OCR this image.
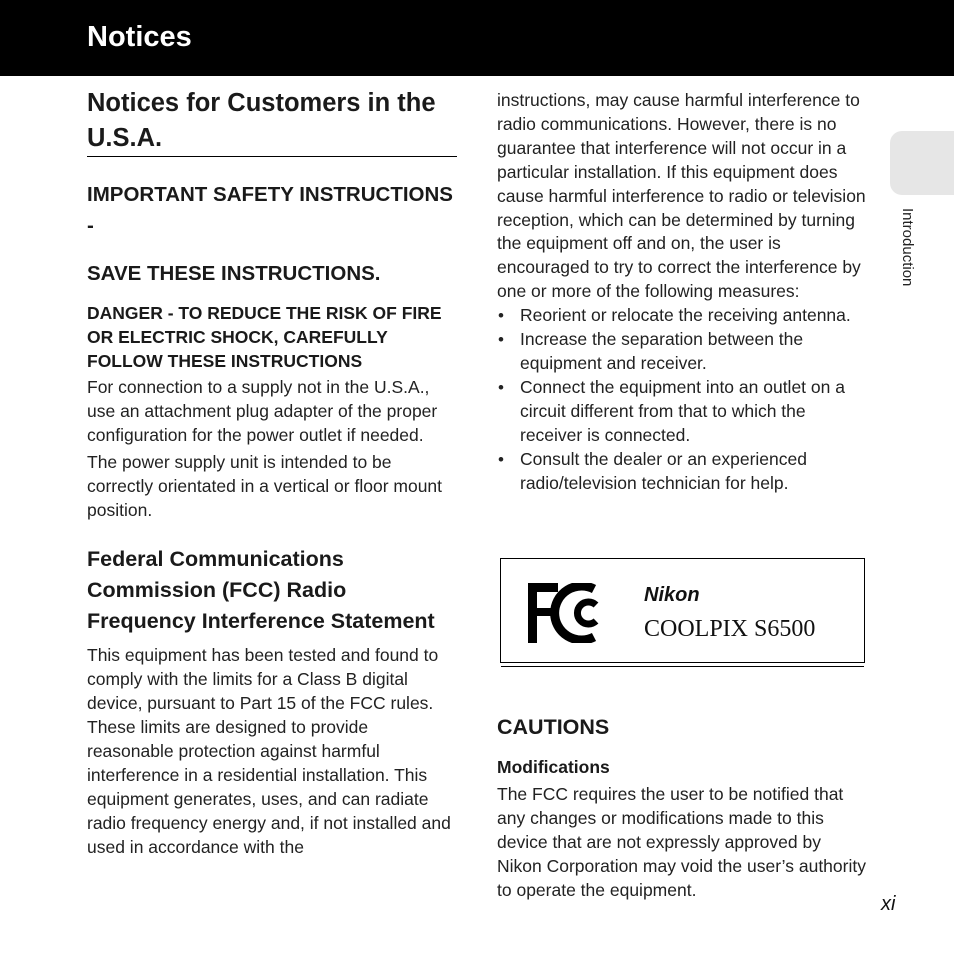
Notices
Introduction
Notices for Customers in the U.S.A.
IMPORTANT SAFETY INSTRUCTIONS -
SAVE THESE INSTRUCTIONS.
DANGER - TO REDUCE THE RISK OF FIRE OR ELECTRIC SHOCK, CAREFULLY FOLLOW THESE INSTRUCTIONS

For connection to a supply not in the U.S.A., use an attachment plug adapter of the proper configuration for the power outlet if needed.

The power supply unit is intended to be correctly orientated in a vertical or floor mount position.

Federal Communications Commission (FCC) Radio Frequency Interference Statement

This equipment has been tested and found to comply with the limits for a Class B digital device, pursuant to Part 15 of the FCC rules. These limits are designed to provide reasonable protection against harmful interference in a residential installation. This equipment generates, uses, and can radiate radio frequency energy and, if not installed and used in accordance with the

instructions, may cause harmful interference to radio communications. However, there is no guarantee that interference will not occur in a particular installation. If this equipment does cause harmful interference to radio or television reception, which can be determined by turning the equipment off and on, the user is encouraged to try to correct the interference by one or more of the following measures:

• Reorient or relocate the receiving antenna.
• Increase the separation between the equipment and receiver.
• Connect the equipment into an outlet on a circuit different from that to which the receiver is connected.
• Consult the dealer or an experienced radio/television technician for help.
Nikon
COOLPIX S6500
CAUTIONS
Modifications

The FCC requires the user to be notified that any changes or modifications made to this device that are not expressly approved by Nikon Corporation may void the user’s authority to operate the equipment.

xi
